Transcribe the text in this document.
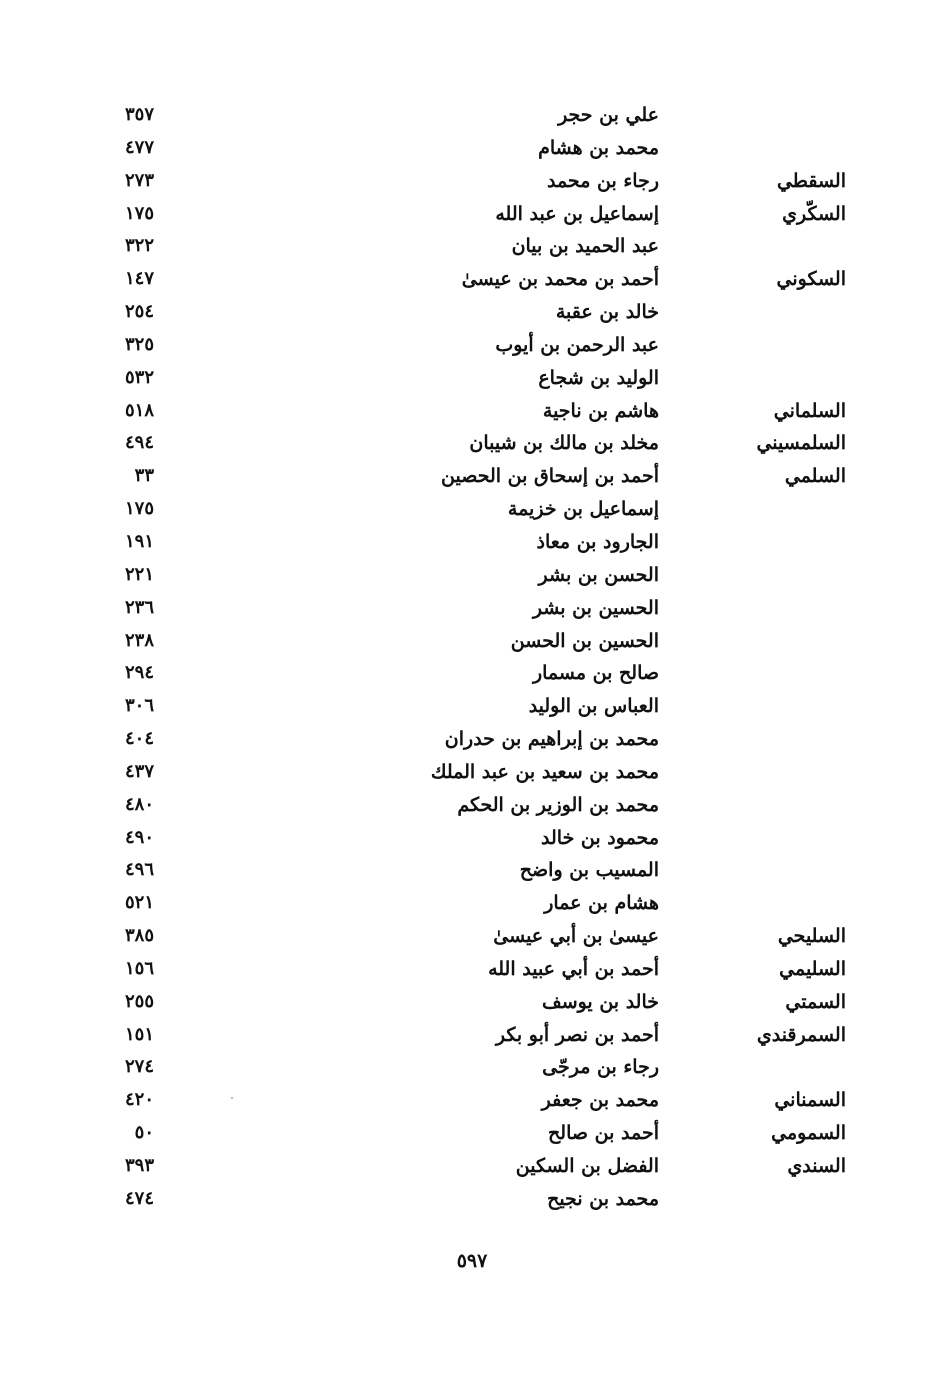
علي بن حجر
٣٥٧
محمد بن هشام
٤٧٧
السقطي
رجاء بن محمد
٢٧٣
السكّري
إسماعيل بن عبد الله
١٧٥
عبد الحميد بن بيان
٣٢٢
السكوني
أحمد بن محمد بن عيسىٰ
١٤٧
خالد بن عقبة
٢٥٤
عبد الرحمن بن أيوب
٣٢٥
الوليد بن شجاع
٥٣٢
السلماني
هاشم بن ناجية
٥١٨
السلمسيني
مخلد بن مالك بن شيبان
٤٩٤
السلمي
أحمد بن إسحاق بن الحصين
٣٣
إسماعيل بن خزيمة
١٧٥
الجارود بن معاذ
١٩١
الحسن بن بشر
٢٢١
الحسين بن بشر
٢٣٦
الحسين بن الحسن
٢٣٨
صالح بن مسمار
٢٩٤
العباس بن الوليد
٣٠٦
محمد بن إبراهيم بن حدران
٤٠٤
محمد بن سعيد بن عبد الملك
٤٣٧
محمد بن الوزير بن الحكم
٤٨٠
محمود بن خالد
٤٩٠
المسيب بن واضح
٤٩٦
هشام بن عمار
٥٢١
السليحي
عيسىٰ بن أبي عيسىٰ
٣٨٥
السليمي
أحمد بن أبي عبيد الله
١٥٦
السمتي
خالد بن يوسف
٢٥٥
السمرقندي
أحمد بن نصر أبو بكر
١٥١
رجاء بن مرجّى
٢٧٤
السمناني
محمد بن جعفر
٤٢٠
السمومي
أحمد بن صالح
٥٠
السندي
الفضل بن السكين
٣٩٣
محمد بن نجيح
٤٧٤
٥٩٧
